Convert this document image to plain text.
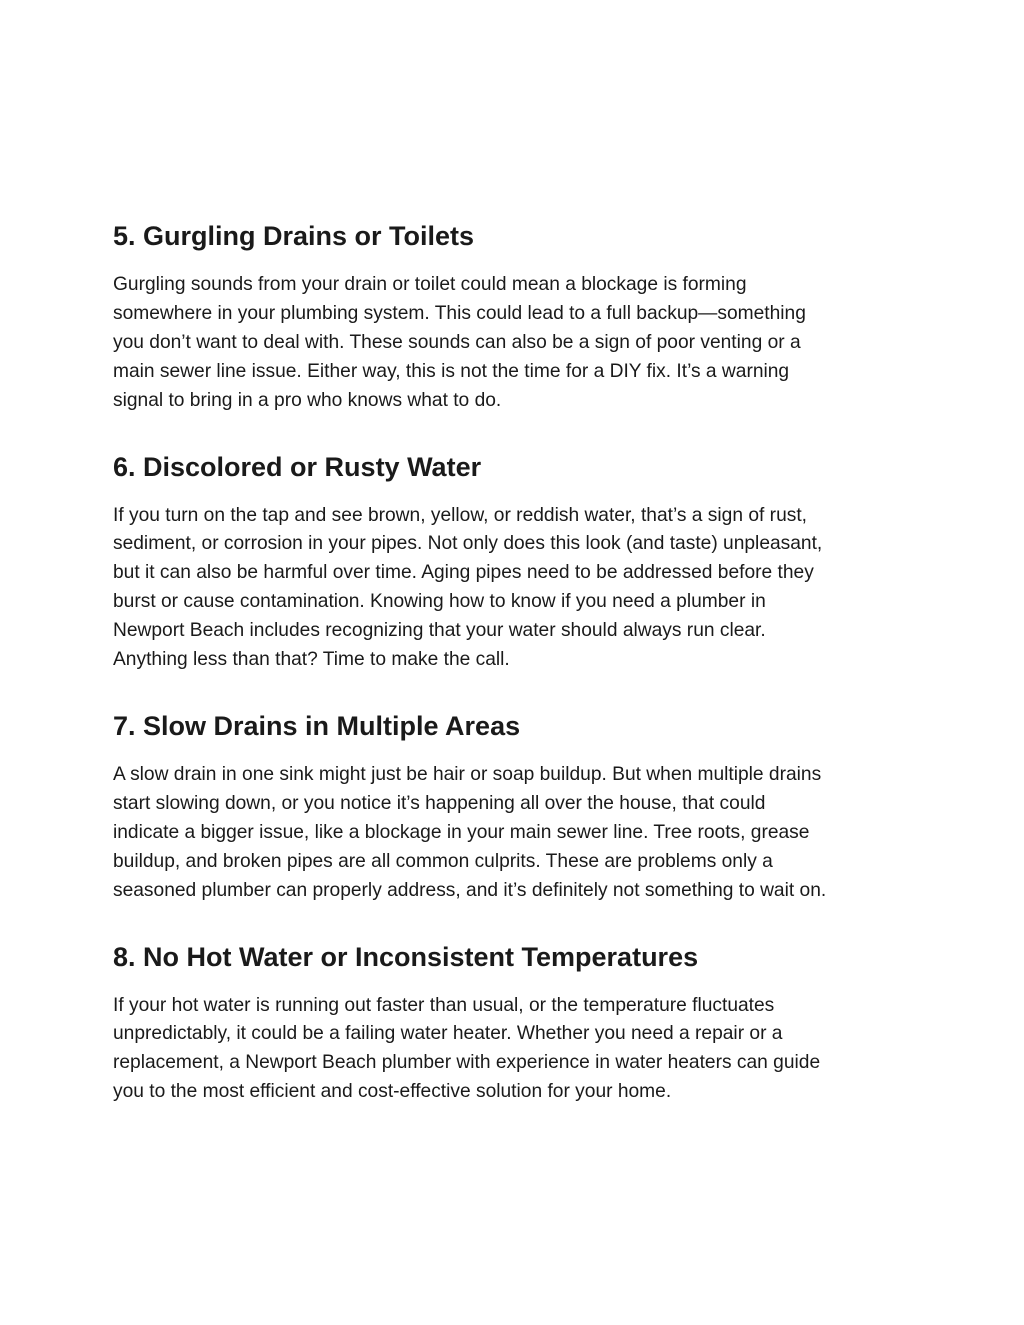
5. Gurgling Drains or Toilets

Gurgling sounds from your drain or toilet could mean a blockage is forming
somewhere in your plumbing system. This could lead to a full backup—something
you don’t want to deal with. These sounds can also be a sign of poor venting or a
main sewer line issue. Either way, this is not the time for a DIY fix. It’s a warning
signal to bring in a pro who knows what to do.

6. Discolored or Rusty Water

If you turn on the tap and see brown, yellow, or reddish water, that’s a sign of rust,
sediment, or corrosion in your pipes. Not only does this look (and taste) unpleasant,
but it can also be harmful over time. Aging pipes need to be addressed before they
burst or cause contamination. Knowing how to know if you need a plumber in
Newport Beach includes recognizing that your water should always run clear.
Anything less than that? Time to make the call.

7. Slow Drains in Multiple Areas

A slow drain in one sink might just be hair or soap buildup. But when multiple drains
start slowing down, or you notice it’s happening all over the house, that could
indicate a bigger issue, like a blockage in your main sewer line. Tree roots, grease
buildup, and broken pipes are all common culprits. These are problems only a
seasoned plumber can properly address, and it’s definitely not something to wait on.

8. No Hot Water or Inconsistent Temperatures

If your hot water is running out faster than usual, or the temperature fluctuates
unpredictably, it could be a failing water heater. Whether you need a repair or a
replacement, a Newport Beach plumber with experience in water heaters can guide
you to the most efficient and cost-effective solution for your home.
